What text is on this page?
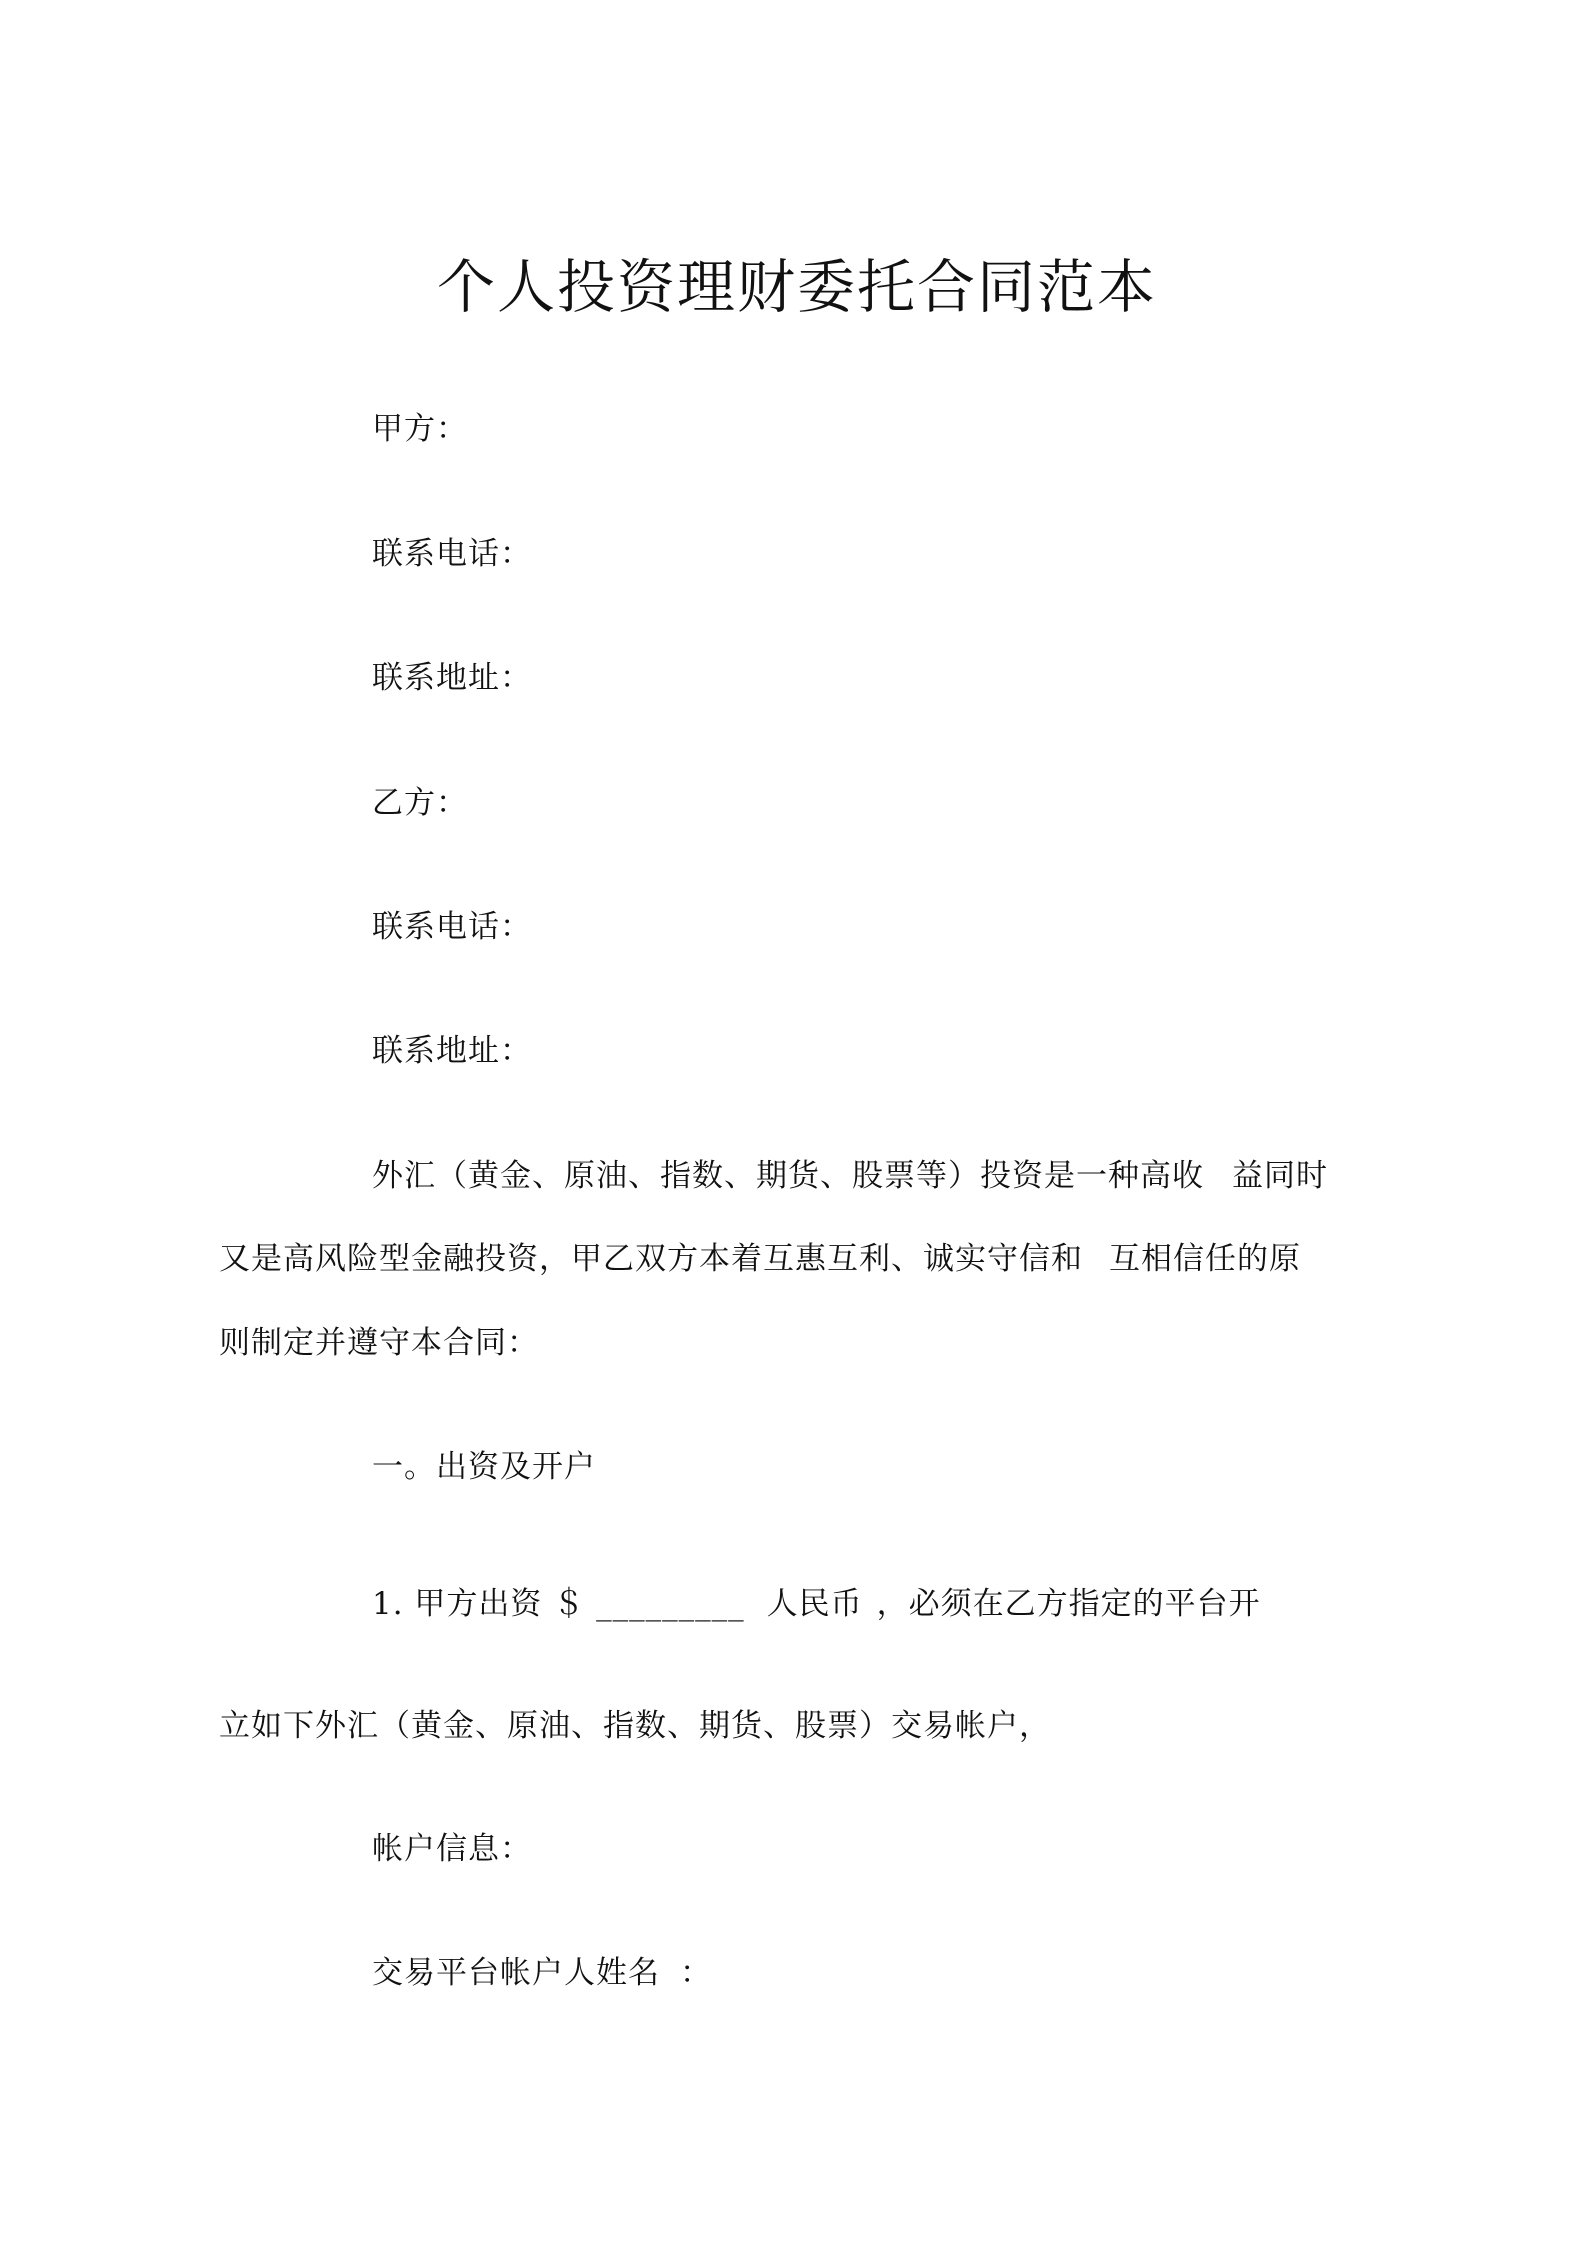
个人投资理财委托合同范本
甲方：
联系电话：
联系地址：
乙方：
联系电话：
联系地址：
外汇（黄金、原油、指数、期货、股票等）投资是一种高收 益同时
又是高风险型金融投资，甲乙双方本着互惠互利、诚实守信和 互相信任的原
则制定并遵守本合同：
一。出资及开户
1. 甲方出资 ＄ _________ 人民币 ，必须在乙方指定的平台开
立如下外汇（黄金、原油、指数、期货、股票）交易帐户，
帐户信息：
交易平台帐户人姓名 ：
